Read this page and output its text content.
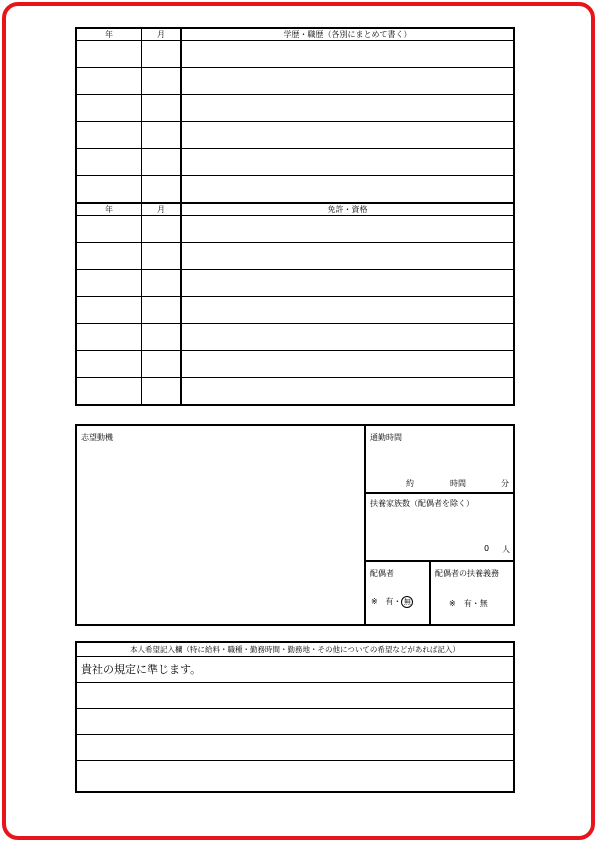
年	月	学歴・職歴（各別にまとめて書く）

年	月	免許・資格

志望動機	通勤時間
約	時間	分
扶養家族数（配偶者を除く）
0 人
配偶者
※ 有・ 無
配偶者の扶養義務
※　有・無
本人希望記入欄（特に給料・職種・勤務時間・勤務地・その他についての希望などがあれば記入）
貴社の規定に準じます。
